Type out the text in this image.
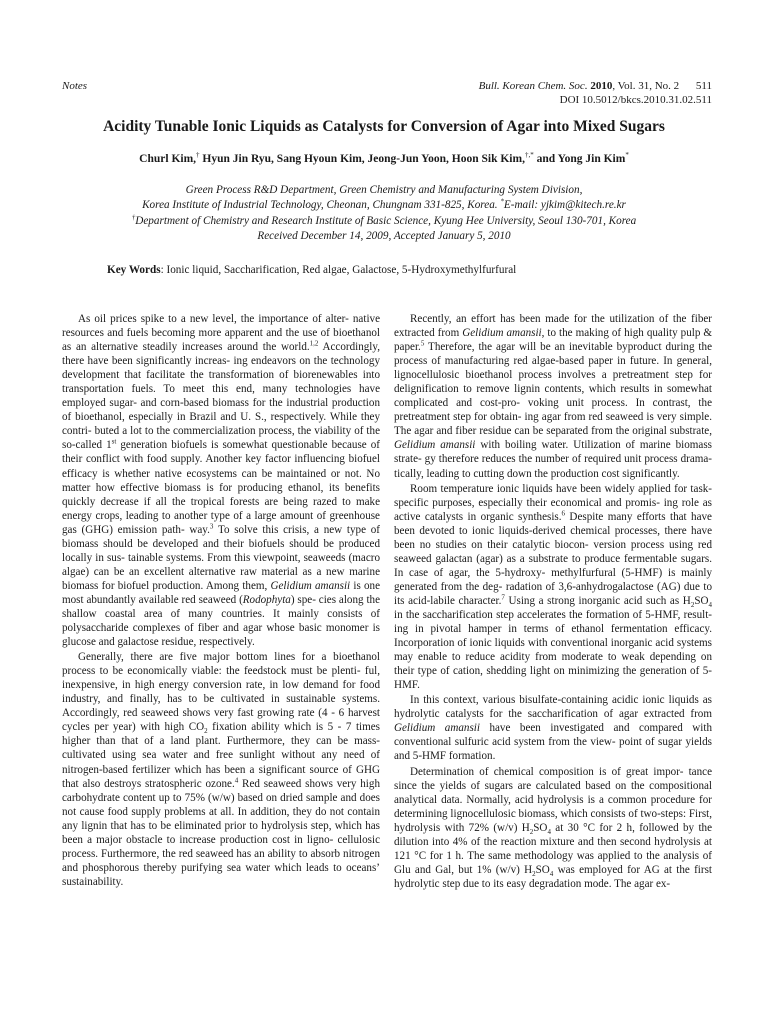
Notes	Bull. Korean Chem. Soc. 2010, Vol. 31, No. 2 511
DOI 10.5012/bkcs.2010.31.02.511
Acidity Tunable Ionic Liquids as Catalysts for Conversion of Agar into Mixed Sugars
Churl Kim,† Hyun Jin Ryu, Sang Hyoun Kim, Jeong-Jun Yoon, Hoon Sik Kim,†,* and Yong Jin Kim*
Green Process R&D Department, Green Chemistry and Manufacturing System Division,
Korea Institute of Industrial Technology, Cheonan, Chungnam 331-825, Korea. *E-mail: yjkim@kitech.re.kr
†Department of Chemistry and Research Institute of Basic Science, Kyung Hee University, Seoul 130-701, Korea
Received December 14, 2009, Accepted January 5, 2010
Key Words: Ionic liquid, Saccharification, Red algae, Galactose, 5-Hydroxymethylfurfural

As oil prices spike to a new level, the importance of alter- native resources and fuels becoming more apparent and the use of bioethanol as an alternative steadily increases around the world.$^{1,2}$ Accordingly, there have been significantly increas- ing endeavors on the technology development that facilitate the transformation of biorenewables into transportation fuels. To meet this end, many technologies have employed sugar- and corn-based biomass for the industrial production of bioethanol, especially in Brazil and U. S., respectively. While they contri- buted a lot to the commercialization process, the viability of the so-called 1st generation biofuels is somewhat questionable because of their conflict with food supply. Another key factor influencing biofuel efficacy is whether native ecosystems can be maintained or not. No matter how effective biomass is for producing ethanol, its benefits quickly decrease if all the tropical forests are being razed to make energy crops, leading to another type of a large amount of greenhouse gas (GHG) emission path- way.$^3$ To solve this crisis, a new type of biomass should be developed and their biofuels should be produced locally in sus- tainable systems. From this viewpoint, seaweeds (macro algae) can be an excellent alternative raw material as a new marine biomass for biofuel production. Among them, Gelidium amansii is one most abundantly available red seaweed (Rodophyta) spe- cies along the shallow coastal area of many countries. It mainly consists of polysaccharide complexes of fiber and agar whose basic monomer is glucose and galactose residue, respectively.

Generally, there are five major bottom lines for a bioethanol process to be economically viable: the feedstock must be plenti- ful, inexpensive, in high energy conversion rate, in low demand for food industry, and finally, has to be cultivated in sustainable systems. Accordingly, red seaweed shows very fast growing rate (4 - 6 harvest cycles per year) with high $CO_2$ fixation ability which is 5 - 7 times higher than that of a land plant. Furthermore, they can be mass-cultivated using sea water and free sunlight without any need of nitrogen-based fertilizer which has been a significant source of GHG that also destroys stratospheric ozone.$^4$ Red seaweed shows very high carbohydrate content up to 75% (w/w) based on dried sample and does not cause food supply problems at all. In addition, they do not contain any lignin that has to be eliminated prior to hydrolysis step, which has been a major obstacle to increase production cost in ligno- cellulosic process. Furthermore, the red seaweed has an ability to absorb nitrogen and phosphorous thereby purifying sea water which leads to oceans’ sustainability.

Recently, an effort has been made for the utilization of the fiber extracted from Gelidium amansii, to the making of high quality pulp & paper.$^5$ Therefore, the agar will be an inevitable byproduct during the process of manufacturing red algae-based paper in future. In general, lignocellulosic bioethanol process involves a pretreatment step for delignification to remove lignin contents, which results in somewhat complicated and cost-pro- voking unit process. In contrast, the pretreatment step for obtain- ing agar from red seaweed is very simple. The agar and fiber residue can be separated from the original substrate, Gelidium amansii with boiling water. Utilization of marine biomass strate- gy therefore reduces the number of required unit process drama- tically, leading to cutting down the production cost significantly.

Room temperature ionic liquids have been widely applied for task-specific purposes, especially their economical and promis- ing role as active catalysts in organic synthesis.$^6$ Despite many efforts that have been devoted to ionic liquids-derived chemical processes, there have been no studies on their catalytic biocon- version process using red seaweed galactan (agar) as a substrate to produce fermentable sugars. In case of agar, the 5-hydroxy- methylfurfural (5-HMF) is mainly generated from the deg- radation of 3,6-anhydrogalactose (AG) due to its acid-labile character.$^7$ Using a strong inorganic acid such as $H_2SO_4$ in the saccharification step accelerates the formation of 5-HMF, result- ing in pivotal hamper in terms of ethanol fermentation efficacy. Incorporation of ionic liquids with conventional inorganic acid systems may enable to reduce acidity from moderate to weak depending on their type of cation, shedding light on minimizing the generation of 5-HMF.

In this context, various bisulfate-containing acidic ionic liquids as hydrolytic catalysts for the saccharification of agar extracted from Gelidium amansii have been investigated and compared with conventional sulfuric acid system from the view- point of sugar yields and 5-HMF formation.

Determination of chemical composition is of great impor- tance since the yields of sugars are calculated based on the compositional analytical data. Normally, acid hydrolysis is a common procedure for determining lignocellulosic biomass, which consists of two-steps: First, hydrolysis with 72% (w/v) $H_2SO_4$ at 30 °C for 2 h, followed by the dilution into 4% of the reaction mixture and then second hydrolysis at 121 °C for 1 h. The same methodology was applied to the analysis of Glu and Gal, but 1% (w/v) $H_2SO_4$ was employed for AG at the first hydrolytic step due to its easy degradation mode. The agar ex-
